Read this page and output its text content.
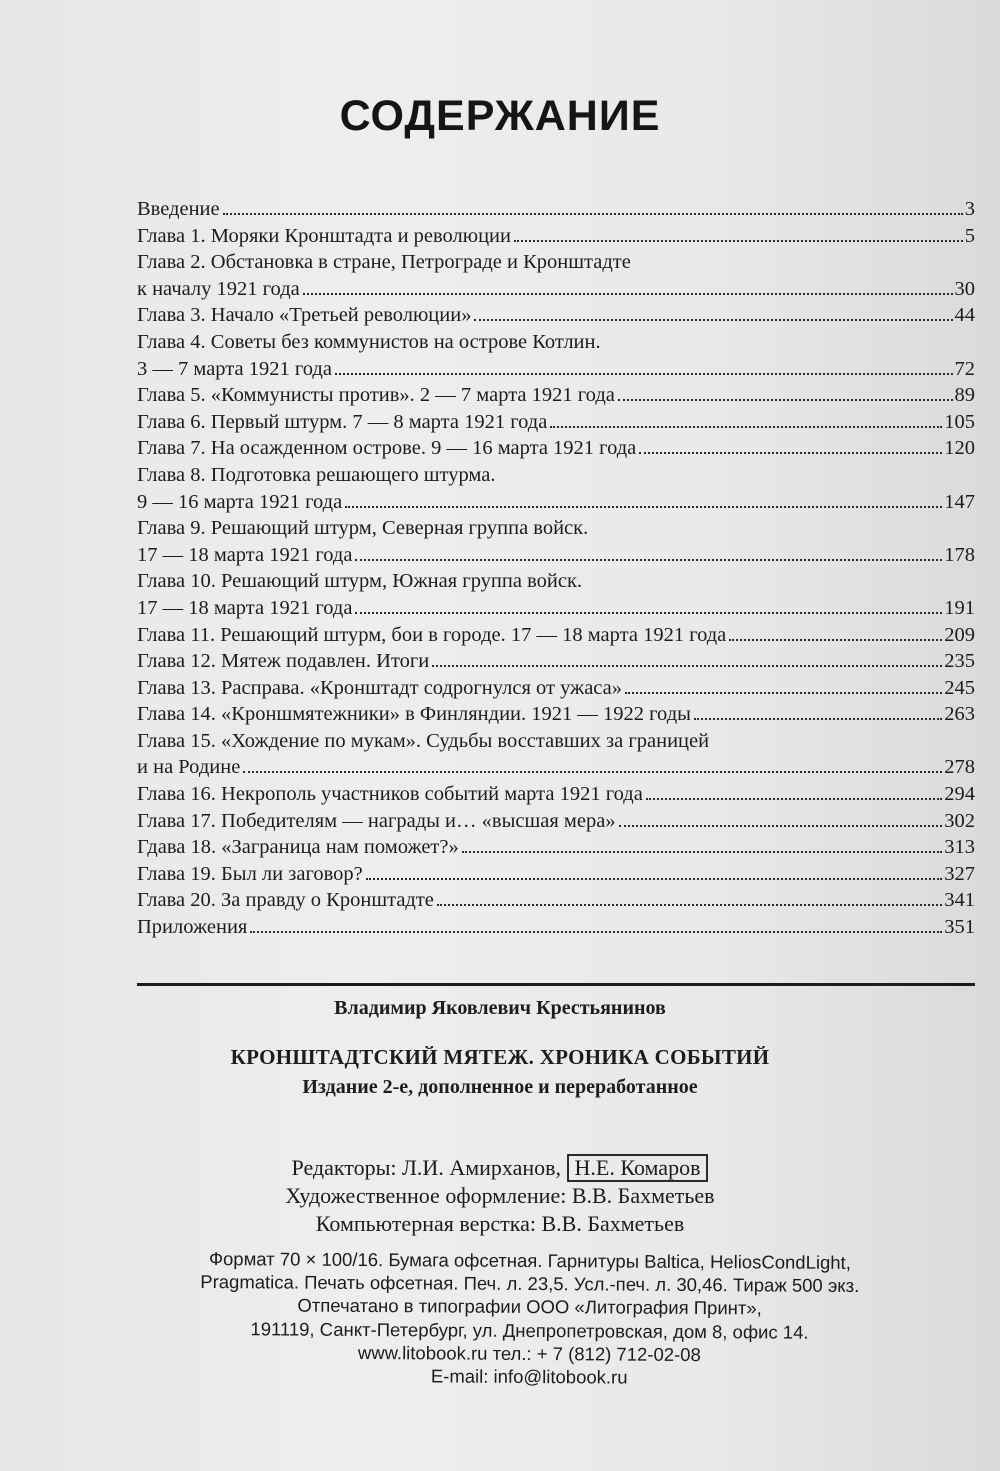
СОДЕРЖАНИЕ
Введение	3
Глава 1. Моряки Кронштадта и революции	5
Глава 2. Обстановка в стране, Петрограде и Кронштадте
к началу 1921 года	30
Глава 3. Начало «Третьей революции»	44
Глава 4. Советы без коммунистов на острове Котлин.
3 — 7 марта 1921 года	72
Глава 5. «Коммунисты против». 2 — 7 марта 1921 года	89
Глава 6. Первый штурм. 7 — 8 марта 1921 года	105
Глава 7. На осажденном острове. 9 — 16 марта 1921 года	120
Глава 8. Подготовка решающего штурма.
9 — 16 марта 1921 года	147
Глава 9. Решающий штурм, Северная группа войск.
17 — 18 марта 1921 года	178
Глава 10. Решающий штурм, Южная группа войск.
17 — 18 марта 1921 года	191
Глава 11. Решающий штурм, бои в городе. 17 — 18 марта 1921 года	209
Глава 12. Мятеж подавлен. Итоги	235
Глава 13. Расправа. «Кронштадт содрогнулся от ужаса»	245
Глава 14. «Кроншмятежники» в Финляндии. 1921 — 1922 годы	263
Глава 15. «Хождение по мукам». Судьбы восставших за границей
и на Родине	278
Глава 16. Некрополь участников событий марта 1921 года	294
Глава 17. Победителям — награды и… «высшая мера»	302
Гдава 18. «Заграница нам поможет?»	313
Глава 19. Был ли заговор?	327
Глава 20. За правду о Кронштадте	341
Приложения	351
Владимир Яковлевич Крестьянинов
КРОНШТАДТСКИЙ МЯТЕЖ. ХРОНИКА СОБЫТИЙ
Издание 2-е, дополненное и переработанное
Редакторы: Л.И. Амирханов, Н.Е. Комаров
Художественное оформление: В.В. Бахметьев
Компьютерная верстка: В.В. Бахметьев
Формат 70 × 100/16. Бумага офсетная. Гарнитуры Baltica, HeliosCondLight,
Pragmatica. Печать офсетная. Печ. л. 23,5. Усл.-печ. л. 30,46. Тираж 500 экз.
Отпечатано в типографии ООО «Литография Принт»,
191119, Санкт-Петербург, ул. Днепропетровская, дом 8, офис 14.
www.litobook.ru тел.: + 7 (812) 712-02-08
E-mail: info@litobook.ru
